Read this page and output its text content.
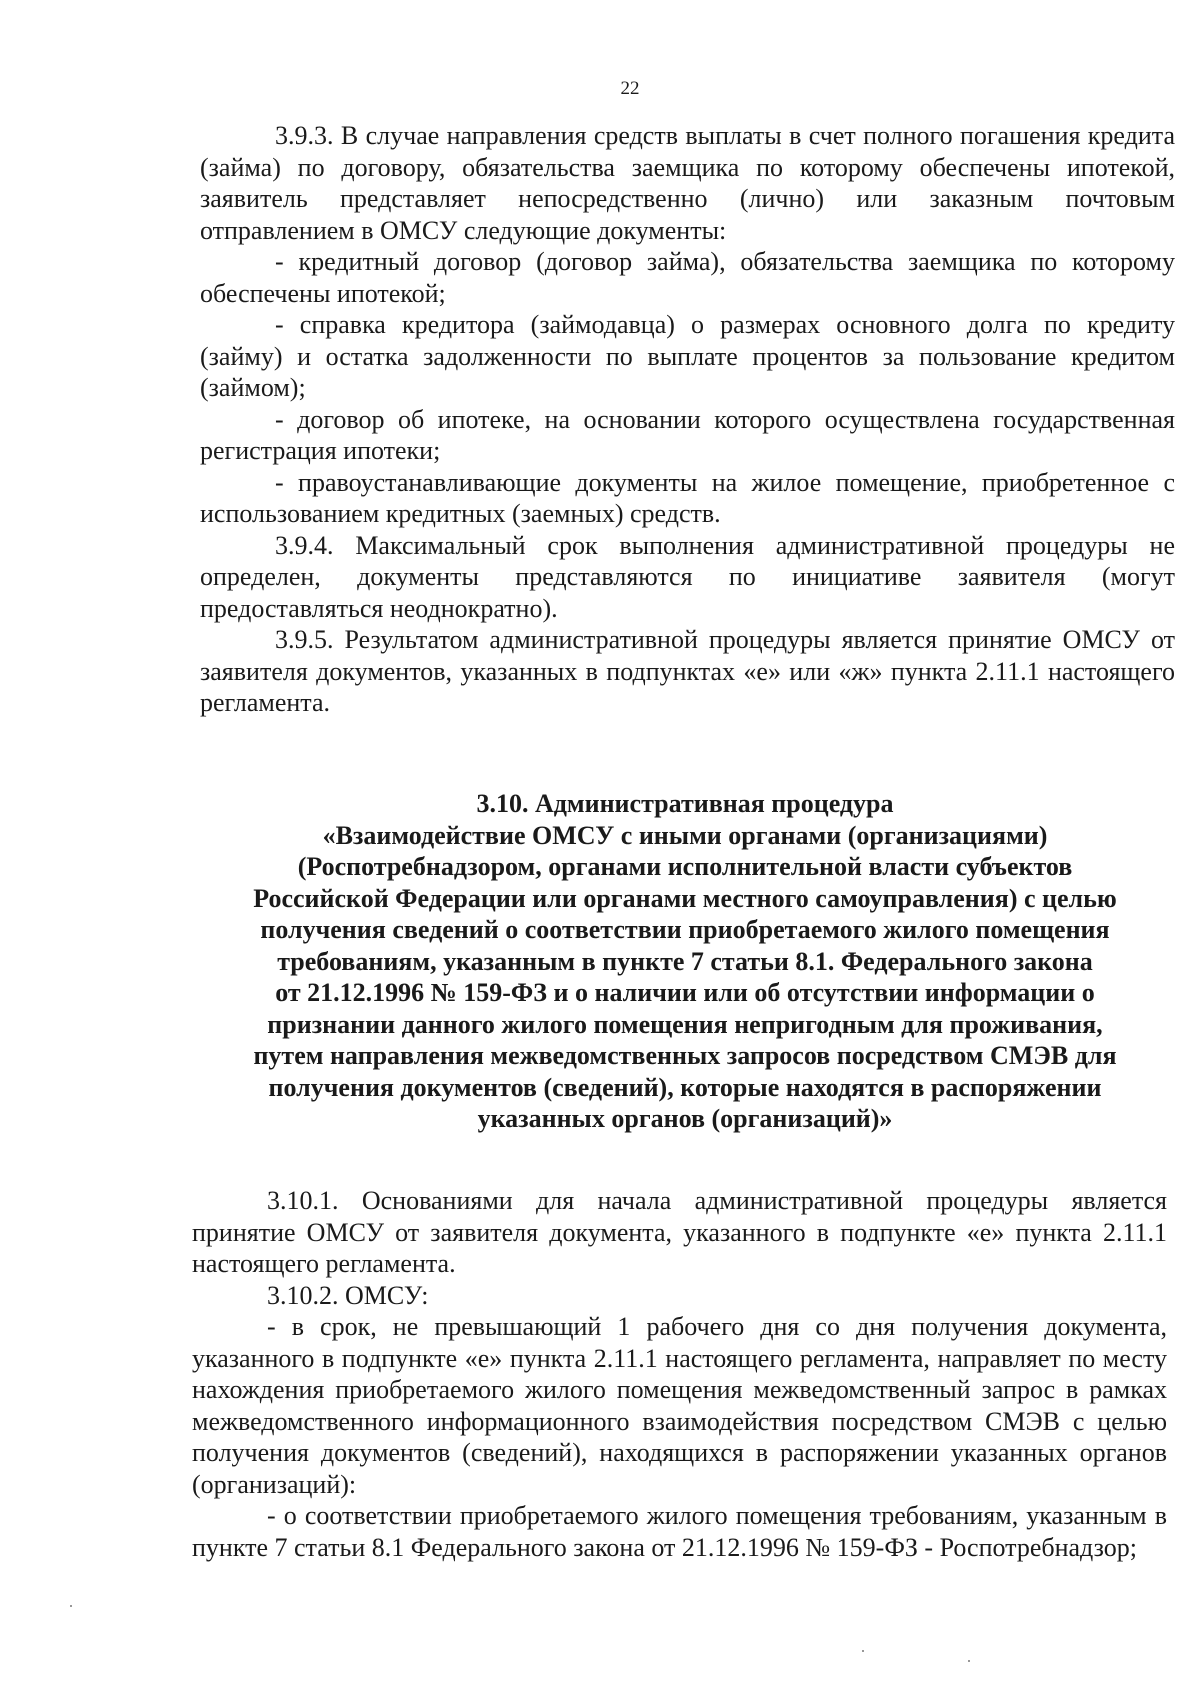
22

3.9.3. В случае направления средств выплаты в счет полного погашения кредита (займа) по договору, обязательства заемщика по которому обеспечены ипотекой, заявитель представляет непосредственно (лично) или заказным почтовым отправлением в ОМСУ следующие документы:

- кредитный договор (договор займа), обязательства заемщика по которому обеспечены ипотекой;

- справка кредитора (займодавца) о размерах основного долга по кредиту (займу) и остатка задолженности по выплате процентов за пользование кредитом (займом);

- договор об ипотеке, на основании которого осуществлена государственная регистрация ипотеки;

- правоустанавливающие документы на жилое помещение, приобретенное с использованием кредитных (заемных) средств.

3.9.4. Максимальный срок выполнения административной процедуры не определен, документы представляются по инициативе заявителя (могут предоставляться неоднократно).

3.9.5. Результатом административной процедуры является принятие ОМСУ от заявителя документов, указанных в подпунктах «е» или «ж» пункта 2.11.1 настоящего регламента.

3.10. Административная процедура

«Взаимодействие ОМСУ с иными органами (организациями)

(Роспотребнадзором, органами исполнительной власти субъектов

Российской Федерации или органами местного самоуправления) с целью

получения сведений о соответствии приобретаемого жилого помещения

требованиям, указанным в пункте 7 статьи 8.1. Федерального закона

от 21.12.1996 № 159-ФЗ и о наличии или об отсутствии информации о

признании данного жилого помещения непригодным для проживания,

путем направления межведомственных запросов посредством СМЭВ для

получения документов (сведений), которые находятся в распоряжении

указанных органов (организаций)»

3.10.1. Основаниями для начала административной процедуры является принятие ОМСУ от заявителя документа, указанного в подпункте «е» пункта 2.11.1 настоящего регламента.

3.10.2. ОМСУ:

- в срок, не превышающий 1 рабочего дня со дня получения документа, указанного в подпункте «е» пункта 2.11.1 настоящего регламента, направляет по месту нахождения приобретаемого жилого помещения межведомственный запрос в рамках межведомственного информационного взаимодействия посредством СМЭВ с целью получения документов (сведений), находящихся в распоряжении указанных органов (организаций):

- о соответствии приобретаемого жилого помещения требованиям, указанным в пункте 7 статьи 8.1 Федерального закона от 21.12.1996 № 159-ФЗ - Роспотребнадзор;
